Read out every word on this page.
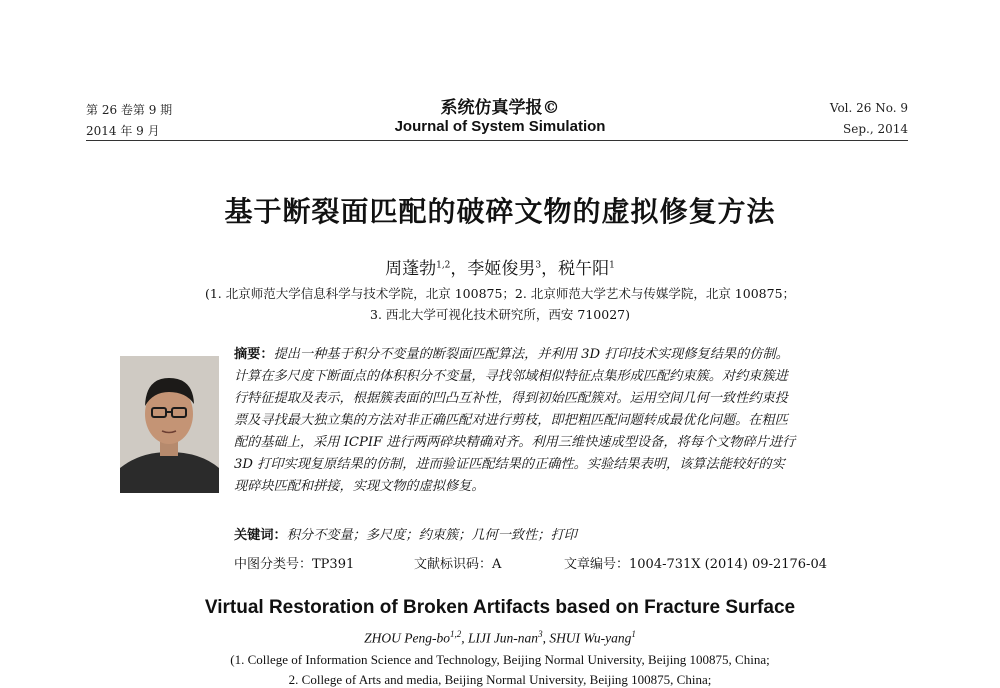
第 26 卷第 9 期
2014 年 9 月
系统仿真学报©
Journal of System Simulation
Vol. 26 No. 9
Sep., 2014
基于断裂面匹配的破碎文物的虚拟修复方法
周蓬勃$^{1,2}$，李姬俊男$^3$，税午阳$^1$
(1. 北京师范大学信息科学与技术学院，北京 100875；2. 北京师范大学艺术与传媒学院，北京 100875；
3. 西北大学可视化技术研究所，西安 710027)
摘要：提出一种基于积分不变量的断裂面匹配算法，并利用 3D 打印技术实现修复结果的仿制。
计算在多尺度下断面点的体积积分不变量，寻找邻域相似特征点集形成匹配约束簇。对约束簇进
行特征提取及表示，根据簇表面的凹凸互补性，得到初始匹配簇对。运用空间几何一致性约束投
票及寻找最大独立集的方法对非正确匹配对进行剪枝，即把粗匹配问题转成最优化问题。在粗匹
配的基础上，采用 ICPIF 进行两两碎块精确对齐。利用三维快速成型设备，将每个文物碎片进行
3D 打印实现复原结果的仿制，进而验证匹配结果的正确性。实验结果表明，该算法能较好的实
现碎块匹配和拼接，实现文物的虚拟修复。
关键词：积分不变量；多尺度；约束簇；几何一致性；打印
中图分类号：TP391	文献标识码：A	文章编号：1004-731X (2014) 09-2176-04
Virtual Restoration of Broken Artifacts based on Fracture Surface
ZHOU Peng-bo$^{1,2}$, LIJI Jun-nan$^3$, SHUI Wu-yang$^1$
(1. College of Information Science and Technology, Beijing Normal University, Beijing 100875, China;
2. College of Arts and media, Beijing Normal University, Beijing 100875, China;
